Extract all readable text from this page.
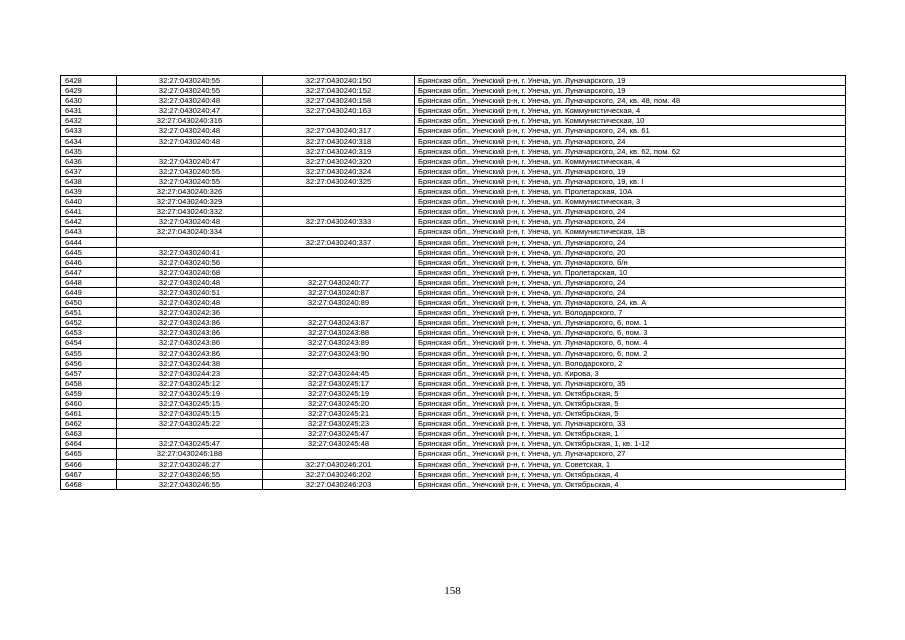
6428	32:27:0430240:55	32:27:0430240:150	Брянская обл., Унечский р-н, г. Унеча, ул. Луначарского, 19
6429	32:27:0430240:55	32:27:0430240:152	Брянская обл., Унечский р-н, г. Унеча, ул. Луначарского, 19
6430	32:27:0430240:48	32:27:0430240:158	Брянская обл., Унечский р-н, г. Унеча, ул. Луначарского, 24, кв. 48, пом. 48
6431	32:27:0430240:47	32:27:0430240:163	Брянская обл., Унечский р-н, г. Унеча, ул. Коммунистическая, 4
6432	32:27:0430240:316		Брянская обл., Унечский р-н, г. Унеча, ул. Коммунистическая, 10
6433	32:27:0430240:48	32:27:0430240:317	Брянская обл., Унечский р-н, г. Унеча, ул. Луначарского, 24, кв. 61
6434	32:27:0430240:48	32:27:0430240:318	Брянская обл., Унечский р-н, г. Унеча, ул. Луначарского, 24
6435		32:27:0430240:319	Брянская обл., Унечский р-н, г. Унеча, ул. Луначарского, 24, кв. 62, пом. 62
6436	32:27:0430240:47	32:27:0430240:320	Брянская обл., Унечский р-н, г. Унеча, ул. Коммунистическая, 4
6437	32:27:0430240:55	32:27:0430240:324	Брянская обл., Унечский р-н, г. Унеча, ул. Луначарского, 19
6438	32:27:0430240:55	32:27:0430240:325	Брянская обл., Унечский р-н, г. Унеча, ул. Луначарского, 19, кв. I
6439	32:27:0430240:326		Брянская обл., Унечский р-н, г. Унеча, ул. Пролетарская, 10А
6440	32:27:0430240:329		Брянская обл., Унечский р-н, г. Унеча, ул. Коммунистическая, 3
6441	32:27:0430240:332		Брянская обл., Унечский р-н, г. Унеча, ул. Луначарского, 24
6442	32:27:0430240:48	32:27:0430240:333	Брянская обл., Унечский р-н, г. Унеча, ул. Луначарского, 24
6443	32:27:0430240:334		Брянская обл., Унечский р-н, г. Унеча, ул. Коммунистическая, 1В
6444		32:27:0430240:337	Брянская обл., Унечский р-н, г. Унеча, ул. Луначарского, 24
6445	32:27:0430240:41		Брянская обл., Унечский р-н, г. Унеча, ул. Луначарского, 20
6446	32:27:0430240:56		Брянская обл., Унечский р-н, г. Унеча, ул. Луначарского, б/н
6447	32:27:0430240:68		Брянская обл., Унечский р-н, г. Унеча, ул. Пролетарская, 10
6448	32:27:0430240:48	32:27:0430240:77	Брянская обл., Унечский р-н, г. Унеча, ул. Луначарского, 24
6449	32:27:0430240:51	32:27:0430240:87	Брянская обл., Унечский р-н, г. Унеча, ул. Луначарского, 24
6450	32:27:0430240:48	32:27:0430240:89	Брянская обл., Унечский р-н, г. Унеча, ул. Луначарского, 24, кв. А
6451	32:27:0430242:36		Брянская обл., Унечский р-н, г. Унеча, ул. Володарского, 7
6452	32:27:0430243:86	32:27:0430243:87	Брянская обл., Унечский р-н, г. Унеча, ул. Луначарского, 6, пом. 1
6453	32:27:0430243:86	32:27:0430243:88	Брянская обл., Унечский р-н, г. Унеча, ул. Луначарского, 6, пом. 3
6454	32:27:0430243:86	32:27:0430243:89	Брянская обл., Унечский р-н, г. Унеча, ул. Луначарского, 6, пом. 4
6455	32:27:0430243:86	32:27:0430243:90	Брянская обл., Унечский р-н, г. Унеча, ул. Луначарского, 6, пом. 2
6456	32:27:0430244:38		Брянская обл., Унечский р-н, г. Унеча, ул. Володарского, 2
6457	32:27:0430244:23	32:27:0430244:45	Брянская обл., Унечский р-н, г. Унеча, ул. Кирова, 3
6458	32:27:0430245:12	32:27:0430245:17	Брянская обл., Унечский р-н, г. Унеча, ул. Луначарского, 35
6459	32:27:0430245:19	32:27:0430245:19	Брянская обл., Унечский р-н, г. Унеча, ул. Октябрьская, 5
6460	32:27:0430245:15	32:27:0430245:20	Брянская обл., Унечский р-н, г. Унеча, ул. Октябрьская, 5
6461	32:27:0430245:15	32:27:0430245:21	Брянская обл., Унечский р-н, г. Унеча, ул. Октябрьская, 5
6462	32:27:0430245:22	32:27:0430245:23	Брянская обл., Унечский р-н, г. Унеча, ул. Луначарского, 33
6463		32:27:0430245:47	Брянская обл., Унечский р-н, г. Унеча, ул. Октябрьская, 1
6464	32:27:0430245:47	32:27:0430245:48	Брянская обл., Унечский р-н, г. Унеча, ул. Октябрьская, 1, кв. 1-12
6465	32:27:0430246:188		Брянская обл., Унечский р-н, г. Унеча, ул. Луначарского, 27
6466	32:27:0430246:27	32:27:0430246:201	Брянская обл., Унечский р-н, г. Унеча, ул. Советская, 1
6467	32:27:0430246:55	32:27:0430246:202	Брянская обл., Унечский р-н, г. Унеча, ул. Октябрьская, 4
6468	32:27:0430246:55	32:27:0430246:203	Брянская обл., Унечский р-н, г. Унеча, ул. Октябрьская, 4
158
